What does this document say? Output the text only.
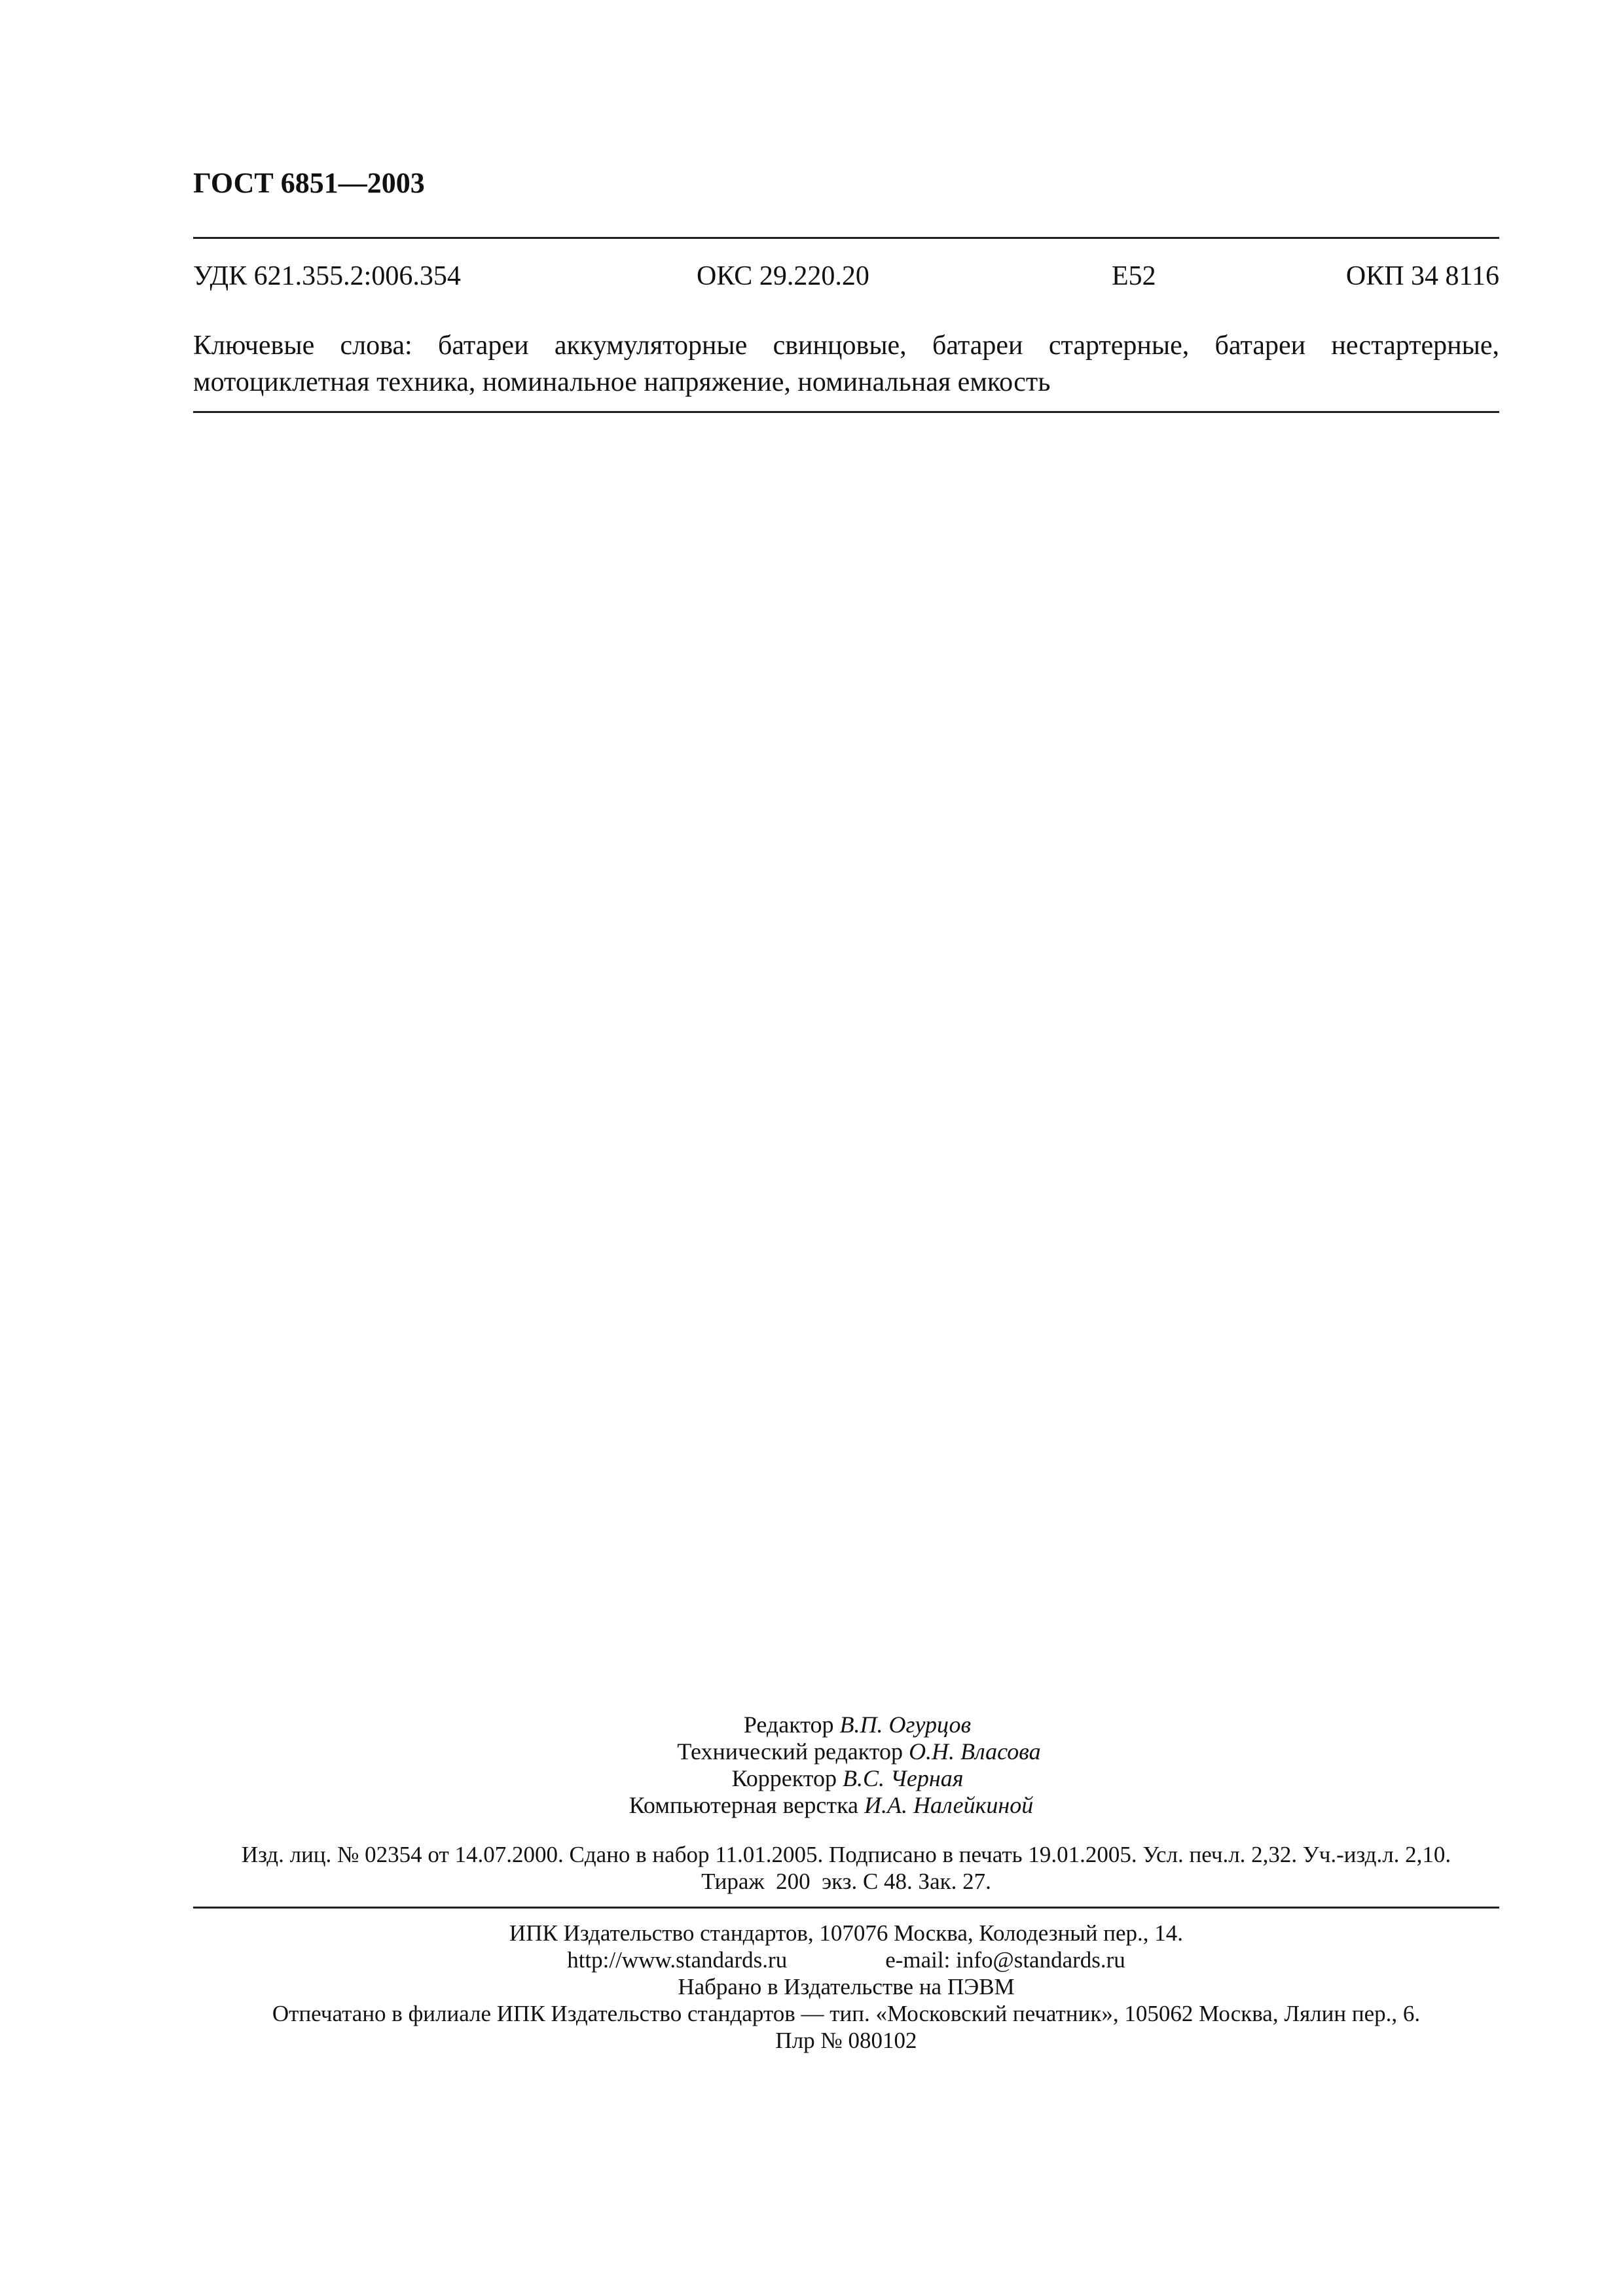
ГОСТ 6851—2003
УДК 621.355.2:006.354	ОКС 29.220.20	Е52	ОКП 34 8116
Ключевые слова: батареи аккумуляторные свинцовые, батареи стартерные, батареи нестартерные,
мотоциклетная техника, номинальное напряжение, номинальная емкость
Редактор В.П. Огурцов
Технический редактор О.Н. Власова
Корректор В.С. Черная
Компьютерная верстка И.А. Налейкиной
Изд. лиц. № 02354 от 14.07.2000. Сдано в набор 11.01.2005. Подписано в печать 19.01.2005. Усл. печ.л. 2,32. Уч.-изд.л. 2,10.
Тираж  200  экз. С 48. Зак. 27.
ИПК Издательство стандартов, 107076 Москва, Колодезный пер., 14.
http://www.standards.ru	e-mail: info@standards.ru
Набрано в Издательстве на ПЭВМ
Отпечатано в филиале ИПК Издательство стандартов — тип. «Московский печатник», 105062 Москва, Лялин пер., 6.
Плр № 080102
